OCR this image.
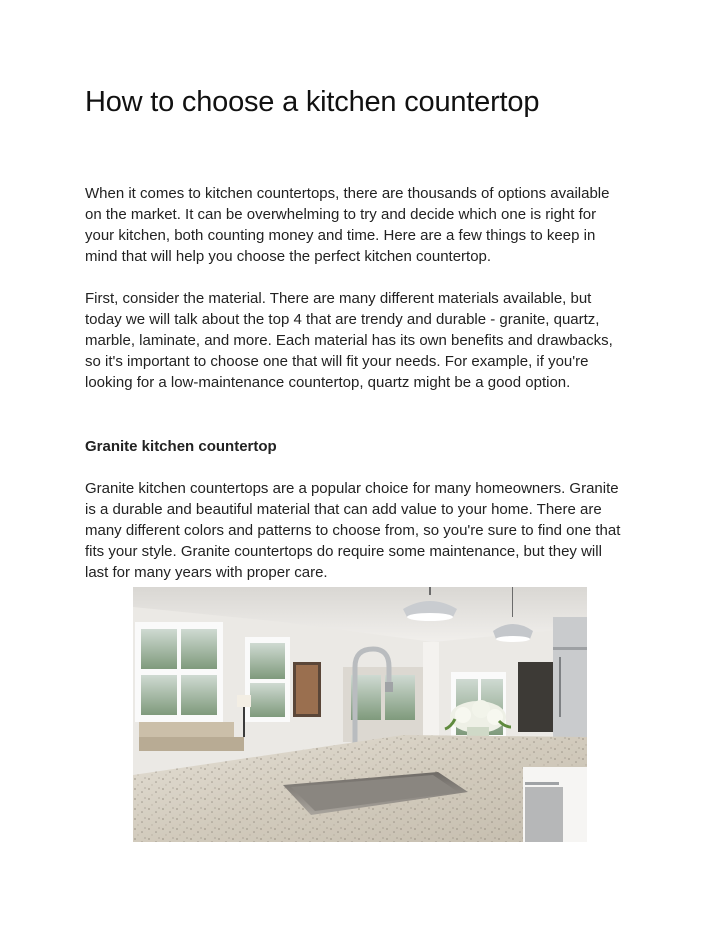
How to choose a kitchen countertop

When it comes to kitchen countertops, there are thousands of options available
on the market. It can be overwhelming to try and decide which one is right for
your kitchen, both counting money and time. Here are a few things to keep in
mind that will help you choose the perfect kitchen countertop.

First, consider the material. There are many different materials available, but
today we will talk about the top 4 that are trendy and durable - granite, quartz,
marble, laminate, and more. Each material has its own benefits and drawbacks,
so it's important to choose one that will fit your needs. For example, if you're
looking for a low-maintenance countertop, quartz might be a good option.

Granite kitchen countertop

Granite kitchen countertops are a popular choice for many homeowners. Granite
is a durable and beautiful material that can add value to your home. There are
many different colors and patterns to choose from, so you're sure to find one that
fits your style. Granite countertops do require some maintenance, but they will
last for many years with proper care.
